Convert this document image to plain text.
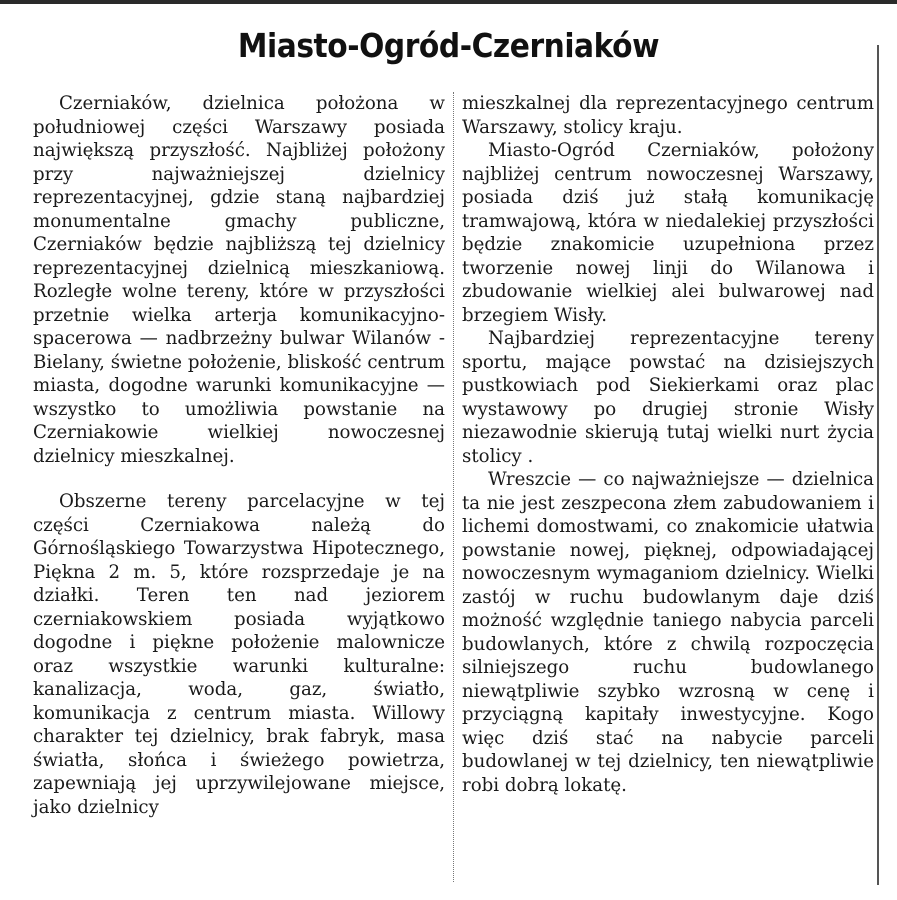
Miasto-Ogród-Czerniaków

Czerniaków, dzielnica położona w południowej części Warszawy posiada największą przyszłość. Najbliżej położony przy najważniejszej dzielnicy reprezentacyjnej, gdzie staną najbardziej monumentalne gmachy publiczne, Czerniaków będzie najbliższą tej dzielnicy reprezentacyjnej dzielnicą mieszkaniową. Rozległe wolne tereny, które w przyszłości przetnie wielka arterja komunikacyjno-spacerowa — nadbrzeżny bulwar Wilanów - Bielany, świetne położenie, bliskość centrum miasta, dogodne warunki komunikacyjne — wszystko to umożliwia powstanie na Czerniakowie wielkiej nowoczesnej dzielnicy mieszkalnej.

Obszerne tereny parcelacyjne w tej części Czerniakowa należą do Górnośląskiego Towarzystwa Hipotecznego, Piękna 2 m. 5, które rozsprzedaje je na działki. Teren ten nad jeziorem czerniakowskiem posiada wyjątkowo dogodne i piękne położenie malownicze oraz wszystkie warunki kulturalne: kanalizacja, woda, gaz, światło, komunikacja z centrum miasta. Willowy charakter tej dzielnicy, brak fabryk, masa światła, słońca i świeżego powietrza, zapewniają jej uprzywilejowane miejsce, jako dzielnicy

mieszkalnej dla reprezentacyjnego centrum Warszawy, stolicy kraju.

Miasto-Ogród Czerniaków, położony najbliżej centrum nowoczesnej Warszawy, posiada dziś już stałą komunikację tramwajową, która w niedalekiej przyszłości będzie znakomicie uzupełniona przez tworzenie nowej linji do Wilanowa i zbudowanie wielkiej alei bulwarowej nad brzegiem Wisły.

Najbardziej reprezentacyjne tereny sportu, mające powstać na dzisiejszych pustkowiach pod Siekierkami oraz plac wystawowy po drugiej stronie Wisły niezawodnie skierują tutaj wielki nurt życia stolicy .

Wreszcie — co najważniejsze — dzielnica ta nie jest zeszpecona złem zabudowaniem i lichemi domostwami, co znakomicie ułatwia powstanie nowej, pięknej, odpowiadającej nowoczesnym wymaganiom dzielnicy. Wielki zastój w ruchu budowlanym daje dziś możność względnie taniego nabycia parceli budowlanych, które z chwilą rozpoczęcia silniejszego ruchu budowlanego niewątpliwie szybko wzrosną w cenę i przyciągną kapitały inwestycyjne. Kogo więc dziś stać na nabycie parceli budowlanej w tej dzielnicy, ten niewątpliwie robi dobrą lokatę.
